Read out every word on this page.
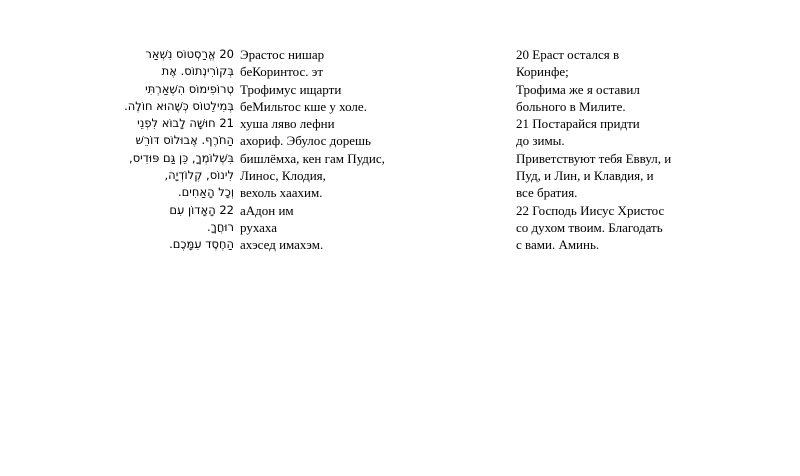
20 אֱרַסְטוֹס נִשְׁאַר
בְּקוֹרִינְתוֹס. אֶת
טְרוֹפִימוֹס הִשְׁאַרְתִּי
בְּמִילֵטוֹס כְּשֶׁהוּא חוֹלֶה.
21 חוּשָׁה לָבוֹא לִפְנֵי
הַחֹרֶף. אֶבוּלוֹס דּוֹרֵשׁ
בִּשְׁלוֹמְךָ, כֵּן גַּם פּוּדִיס,
לִינוֹס, קְלוֹדְיָה,
וְכָל הָאַחִים.
22 הָאָדוֹן עִם
רוּחֲךָ.
הַחֶסֶד עִמָּכֶם.
Эрастос нишар
беКоринтос. эт
Трофимус ищарти
беМильтос кше у холе.
хуша ляво лефни
ахориф. Эбулос дорешь
бишлёмха, кен гам Пудис,
Линос, Клодия,
вехоль хаахим.
аАдон им
рухаха
ахэсед имахэм.
20 Ераст остался в
Коринфе;
Трофима же я оставил
больного в Милите.
21 Постарайся придти
до зимы.
Приветствуют тебя Еввул, и
Пуд, и Лин, и Клавдия, и
все братия.
22 Господь Иисус Христос
со духом твоим. Благодать
с вами. Аминь.
